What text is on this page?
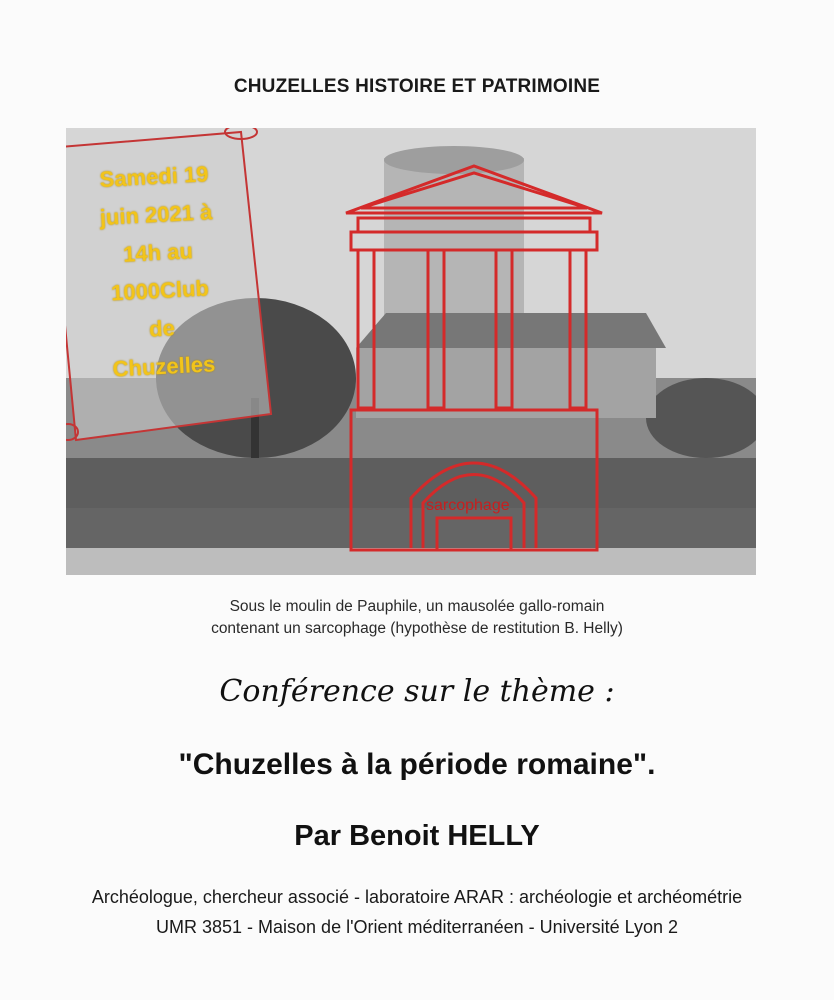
CHUZELLES HISTOIRE ET PATRIMOINE
Samedi 19
juin 2021 à
14h au
1000Club
de
Chuzelles
sarcophage
Sous le moulin de Pauphile, un mausolée gallo-romain
contenant un sarcophage (hypothèse de restitution B. Helly)
Conférence sur le thème :
"Chuzelles à la période romaine".
Par Benoit HELLY
Archéologue, chercheur associé - laboratoire ARAR : archéologie et archéométrie
UMR 3851 - Maison de l'Orient méditerranéen - Université Lyon 2
